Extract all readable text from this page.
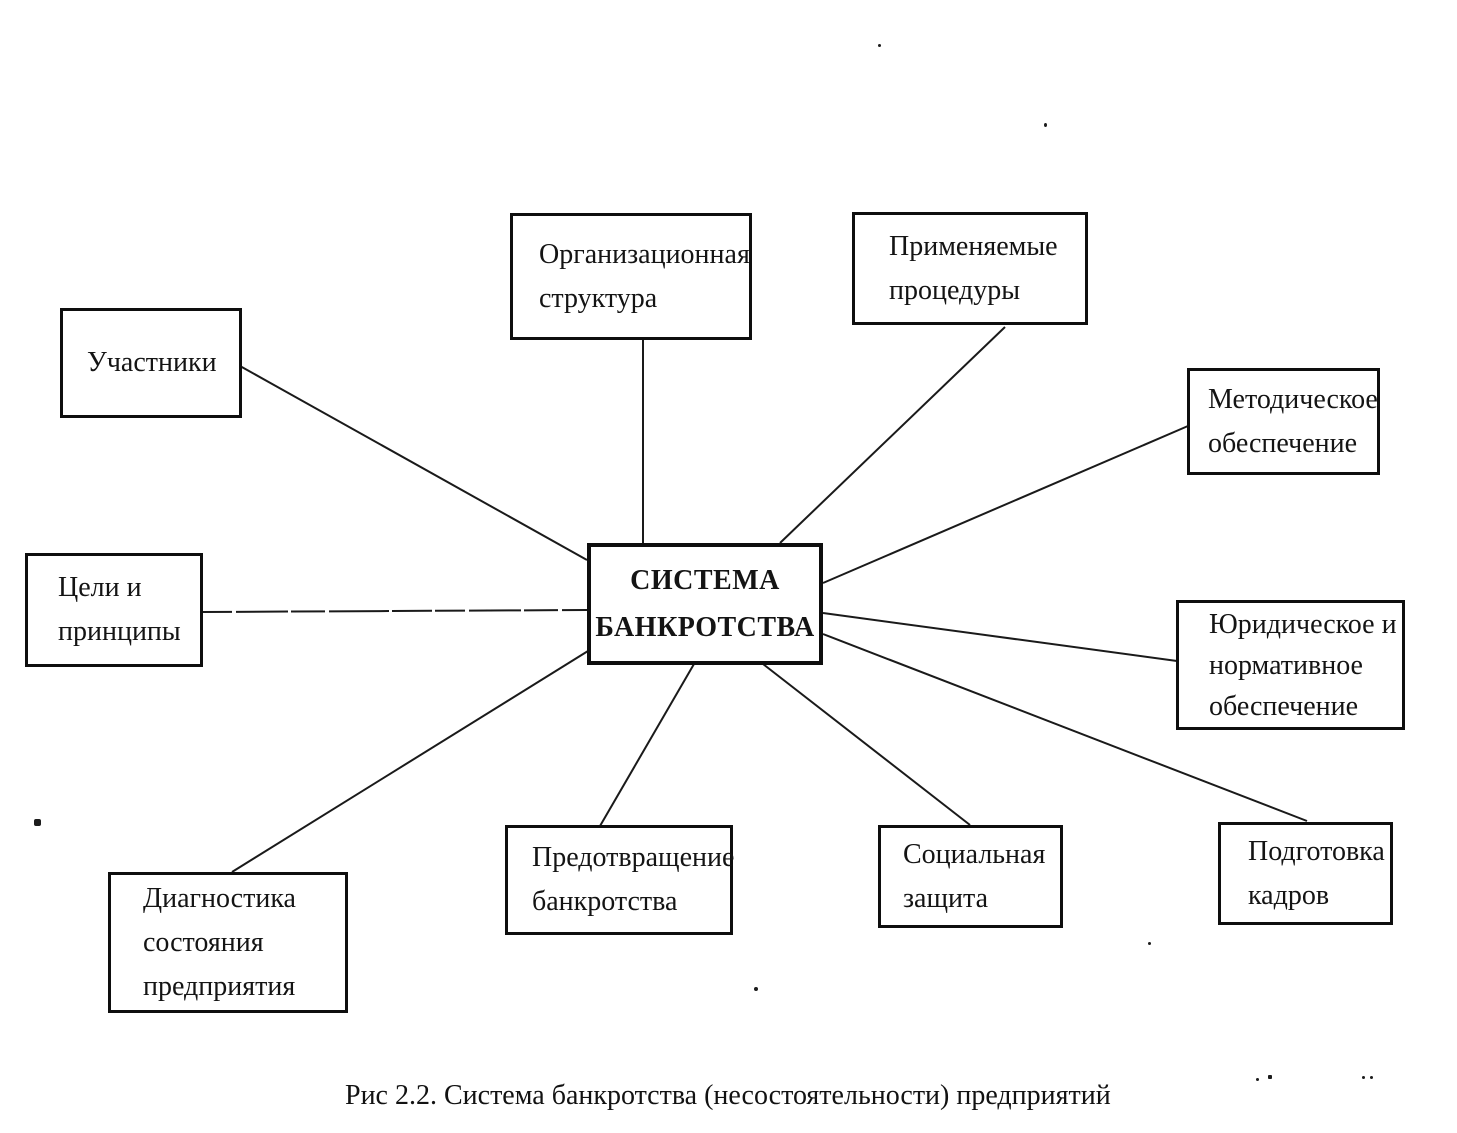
Организационная
структура
Применяемые
процедуры
Участники
Методическое
обеспечение
Цели и
принципы
СИСТЕМА
БАНКРОТСТВА	Юридическое и
нормативное
обеспечение
Диагностика
состояния
предприятия
Предотвращение
банкротства
Социальная
защита
Подготовка
кадров
Рис 2.2. Система банкротства (несостоятельности) предприятий
